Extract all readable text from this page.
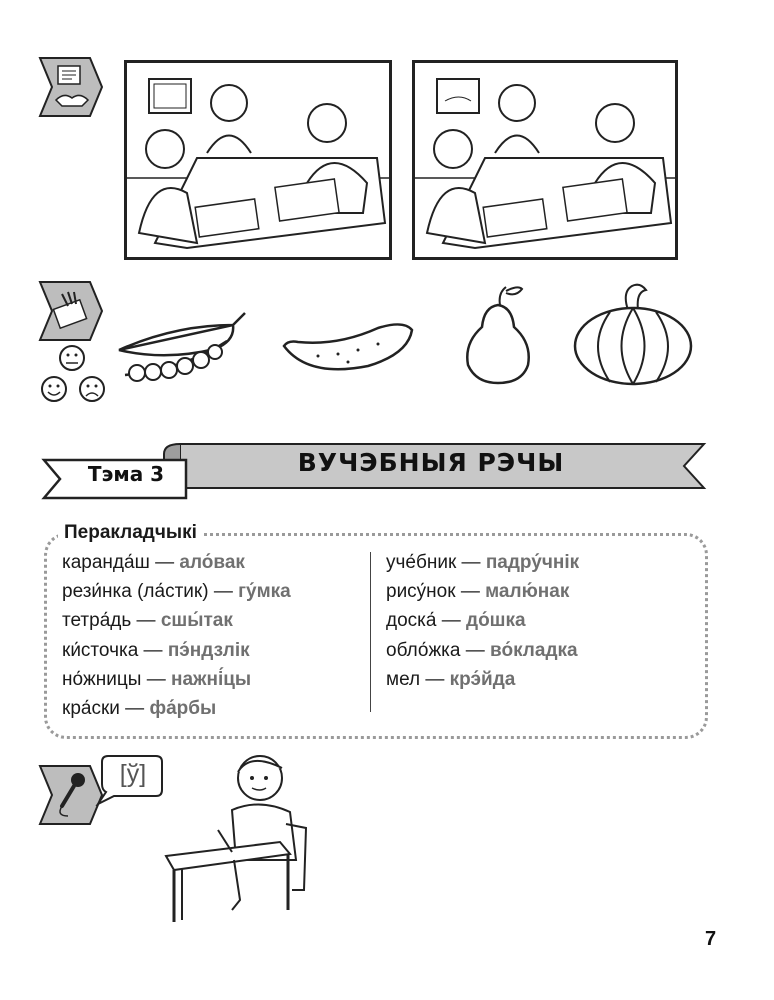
Тэма 3	ВУЧЭБНЫЯ РЭЧЫ
Перакладчыкі
каранда́ш — ало́вак
рези́нка (ла́стик) — гу́мка
тетра́дь — сшы́так
ки́сточка — пэ́ндзлік
но́жницы — нажні́цы
кра́ски — фа́рбы
уче́бник — падру́чнік
рису́нок — малю́нак
доска́ — до́шка
обло́жка — во́кладка
мел — крэ́йда
[ў]
7
